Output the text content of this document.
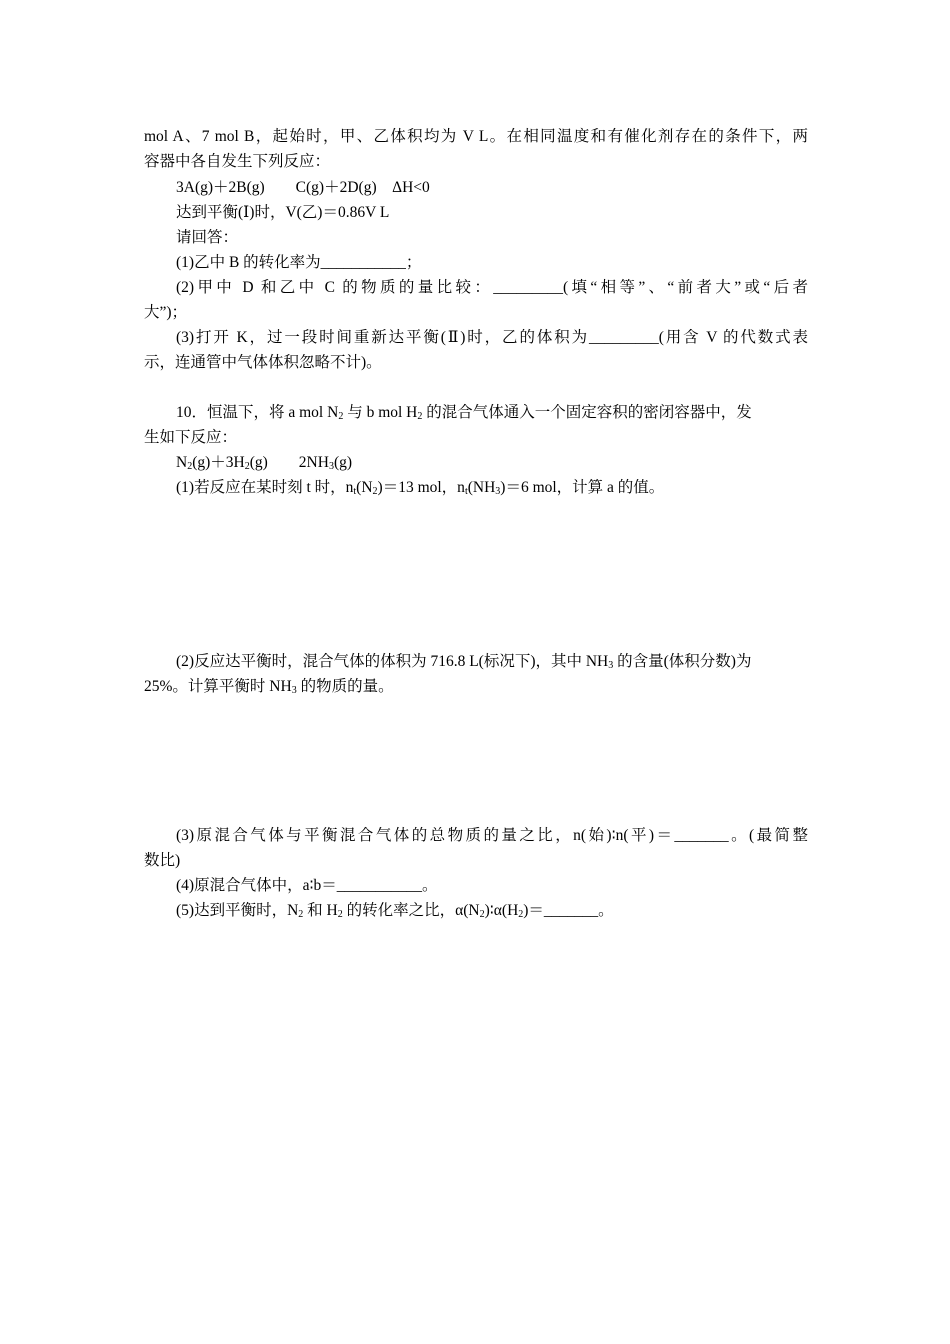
mol A、7 mol B，起始时，甲、乙体积均为 V L。在相同温度和有催化剂存在的条件下，两
容器中各自发生下列反应：
3A(g)＋2B(g)　　C(g)＋2D(g)　ΔH<0
达到平衡(Ⅰ)时，V(乙)＝0.86V L
请回答：
(1)乙中 B 的转化率为___________；
(2)甲中 D 和乙中 C 的物质的量比较：_________(填“相等”、“前者大”或“后者
大”)；
(3)打开 K，过一段时间重新达平衡(Ⅱ)时，乙的体积为_________(用含 V 的代数式表
示，连通管中气体体积忽略不计)。
10．恒温下，将 a mol $N_2$ 与 b mol $H_2$ 的混合气体通入一个固定容积的密闭容器中，发
生如下反应：
$N_2(g)+3H_2(g)$　　$2NH_3(g)$
(1)若反应在某时刻 t 时，$n_t(N_2)=13$ mol，$n_t(NH_3)=6$ mol，计算 a 的值。
(2)反应达平衡时，混合气体的体积为 716.8 L(标况下)，其中 $NH_3$ 的含量(体积分数)为
25%。计算平衡时 $NH_3$ 的物质的量。
(3)原混合气体与平衡混合气体的总物质的量之比，n(始)∶n(平)＝_______。(最简整
数比)
(4)原混合气体中，a∶b＝___________。
(5)达到平衡时，$N_2$ 和 $H_2$ 的转化率之比，$\alpha(N_2)∶\alpha(H_2)=\_\_\_\_\_\_\_$。
